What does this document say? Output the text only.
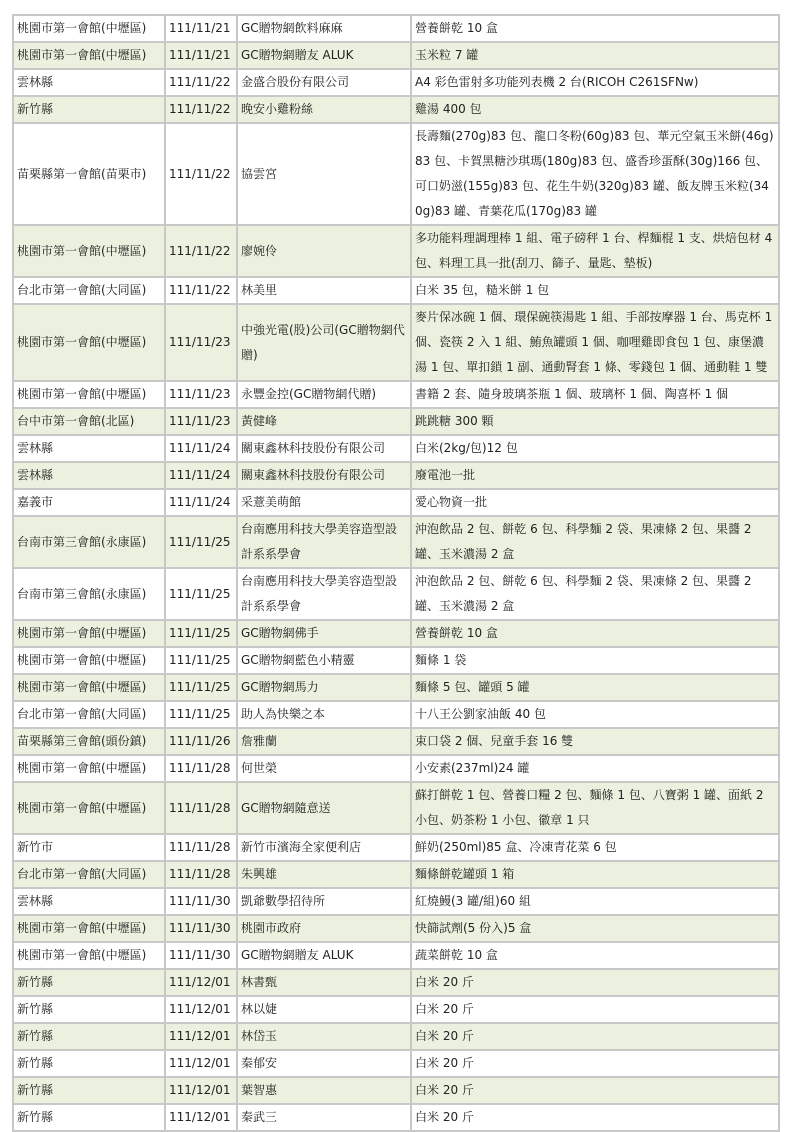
桃園市第一會館(中壢區)	111/11/21	GC贈物網飲料麻麻	營養餅乾 10 盒
桃園市第一會館(中壢區)	111/11/21	GC贈物網贈友 ALUK	玉米粒 7 罐
雲林縣	111/11/22	金盛合股份有限公司	A4 彩色雷射多功能列表機 2 台(RICOH C261SFNw)
新竹縣	111/11/22	晚安小雞粉絲	雞湯 400 包
苗栗縣第一會館(苗栗市)	111/11/22	協雲宮	長壽麵(270g)83 包、龍口冬粉(60g)83 包、華元空氣玉米餅(46g)83 包、卡賀黑糖沙琪瑪(180g)83 包、盛香珍蛋酥(30g)166 包、可口奶滋(155g)83 包、花生牛奶(320g)83 罐、飯友牌玉米粒(340g)83 罐、青葉花瓜(170g)83 罐
桃園市第一會館(中壢區)	111/11/22	廖婉伶	多功能料理調理棒 1 組、電子磅秤 1 台、桿麵棍 1 支、烘焙包材 4 包、料理工具一批(刮刀、篩子、量匙、墊板)
台北市第一會館(大同區)	111/11/22	林美里	白米 35 包，糙米餅 1 包
桃園市第一會館(中壢區)	111/11/23	中強光電(股)公司(GC贈物網代贈)	麥片保冰碗 1 個、環保碗筷湯匙 1 組、手部按摩器 1 台、馬克杯 1 個、瓷筷 2 入 1 組、鮪魚罐頭 1 個、咖哩雞即食包 1 包、康堡濃湯 1 包、單扣鎖 1 副、通動腎套 1 條、零錢包 1 個、通動鞋 1 雙
桃園市第一會館(中壢區)	111/11/23	永豐金控(GC贈物網代贈)	書籍 2 套、隨身玻璃茶瓶 1 個、玻璃杯 1 個、陶喜杯 1 個
台中市第一會館(北區)	111/11/23	黃健峰	跳跳糖 300 顆
雲林縣	111/11/24	關東鑫林科技股份有限公司	白米(2kg/包)12 包
雲林縣	111/11/24	關東鑫林科技股份有限公司	廢電池一批
嘉義市	111/11/24	采薏美萌館	愛心物資一批
台南市第三會館(永康區)	111/11/25	台南應用科技大學美容造型設計系系學會	沖泡飲品 2 包、餅乾 6 包、科學麵 2 袋、果凍條 2 包、果醬 2 罐、玉米濃湯 2 盒
台南市第三會館(永康區)	111/11/25	台南應用科技大學美容造型設計系系學會	沖泡飲品 2 包、餅乾 6 包、科學麵 2 袋、果凍條 2 包、果醬 2 罐、玉米濃湯 2 盒
桃園市第一會館(中壢區)	111/11/25	GC贈物網佛手	營養餅乾 10 盒
桃園市第一會館(中壢區)	111/11/25	GC贈物網藍色小精靈	麵條 1 袋
桃園市第一會館(中壢區)	111/11/25	GC贈物網馬力	麵條 5 包、罐頭 5 罐
台北市第一會館(大同區)	111/11/25	助人為快樂之本	十八王公劉家油飯 40 包
苗栗縣第三會館(頭份鎮)	111/11/26	詹雅蘭	束口袋 2 個、兒童手套 16 雙
桃園市第一會館(中壢區)	111/11/28	何世榮	小安素(237ml)24 罐
桃園市第一會館(中壢區)	111/11/28	GC贈物網隨意送	蘇打餅乾 1 包、營養口糧 2 包、麵條 1 包、八寶粥 1 罐、面紙 2 小包、奶茶粉 1 小包、徽章 1 只
新竹市	111/11/28	新竹市濱海全家便利店	鮮奶(250ml)85 盒、冷凍青花菜 6 包
台北市第一會館(大同區)	111/11/28	朱興雄	麵條餅乾罐頭 1 箱
雲林縣	111/11/30	凱爺數學招待所	紅燒鰻(3 罐/組)60 組
桃園市第一會館(中壢區)	111/11/30	桃園市政府	快篩試劑(5 份入)5 盒
桃園市第一會館(中壢區)	111/11/30	GC贈物網贈友 ALUK	蔬菜餅乾 10 盒
新竹縣	111/12/01	林書甄	白米 20 斤
新竹縣	111/12/01	林以婕	白米 20 斤
新竹縣	111/12/01	林岱玉	白米 20 斤
新竹縣	111/12/01	秦郁安	白米 20 斤
新竹縣	111/12/01	葉智惠	白米 20 斤
新竹縣	111/12/01	秦武三	白米 20 斤
